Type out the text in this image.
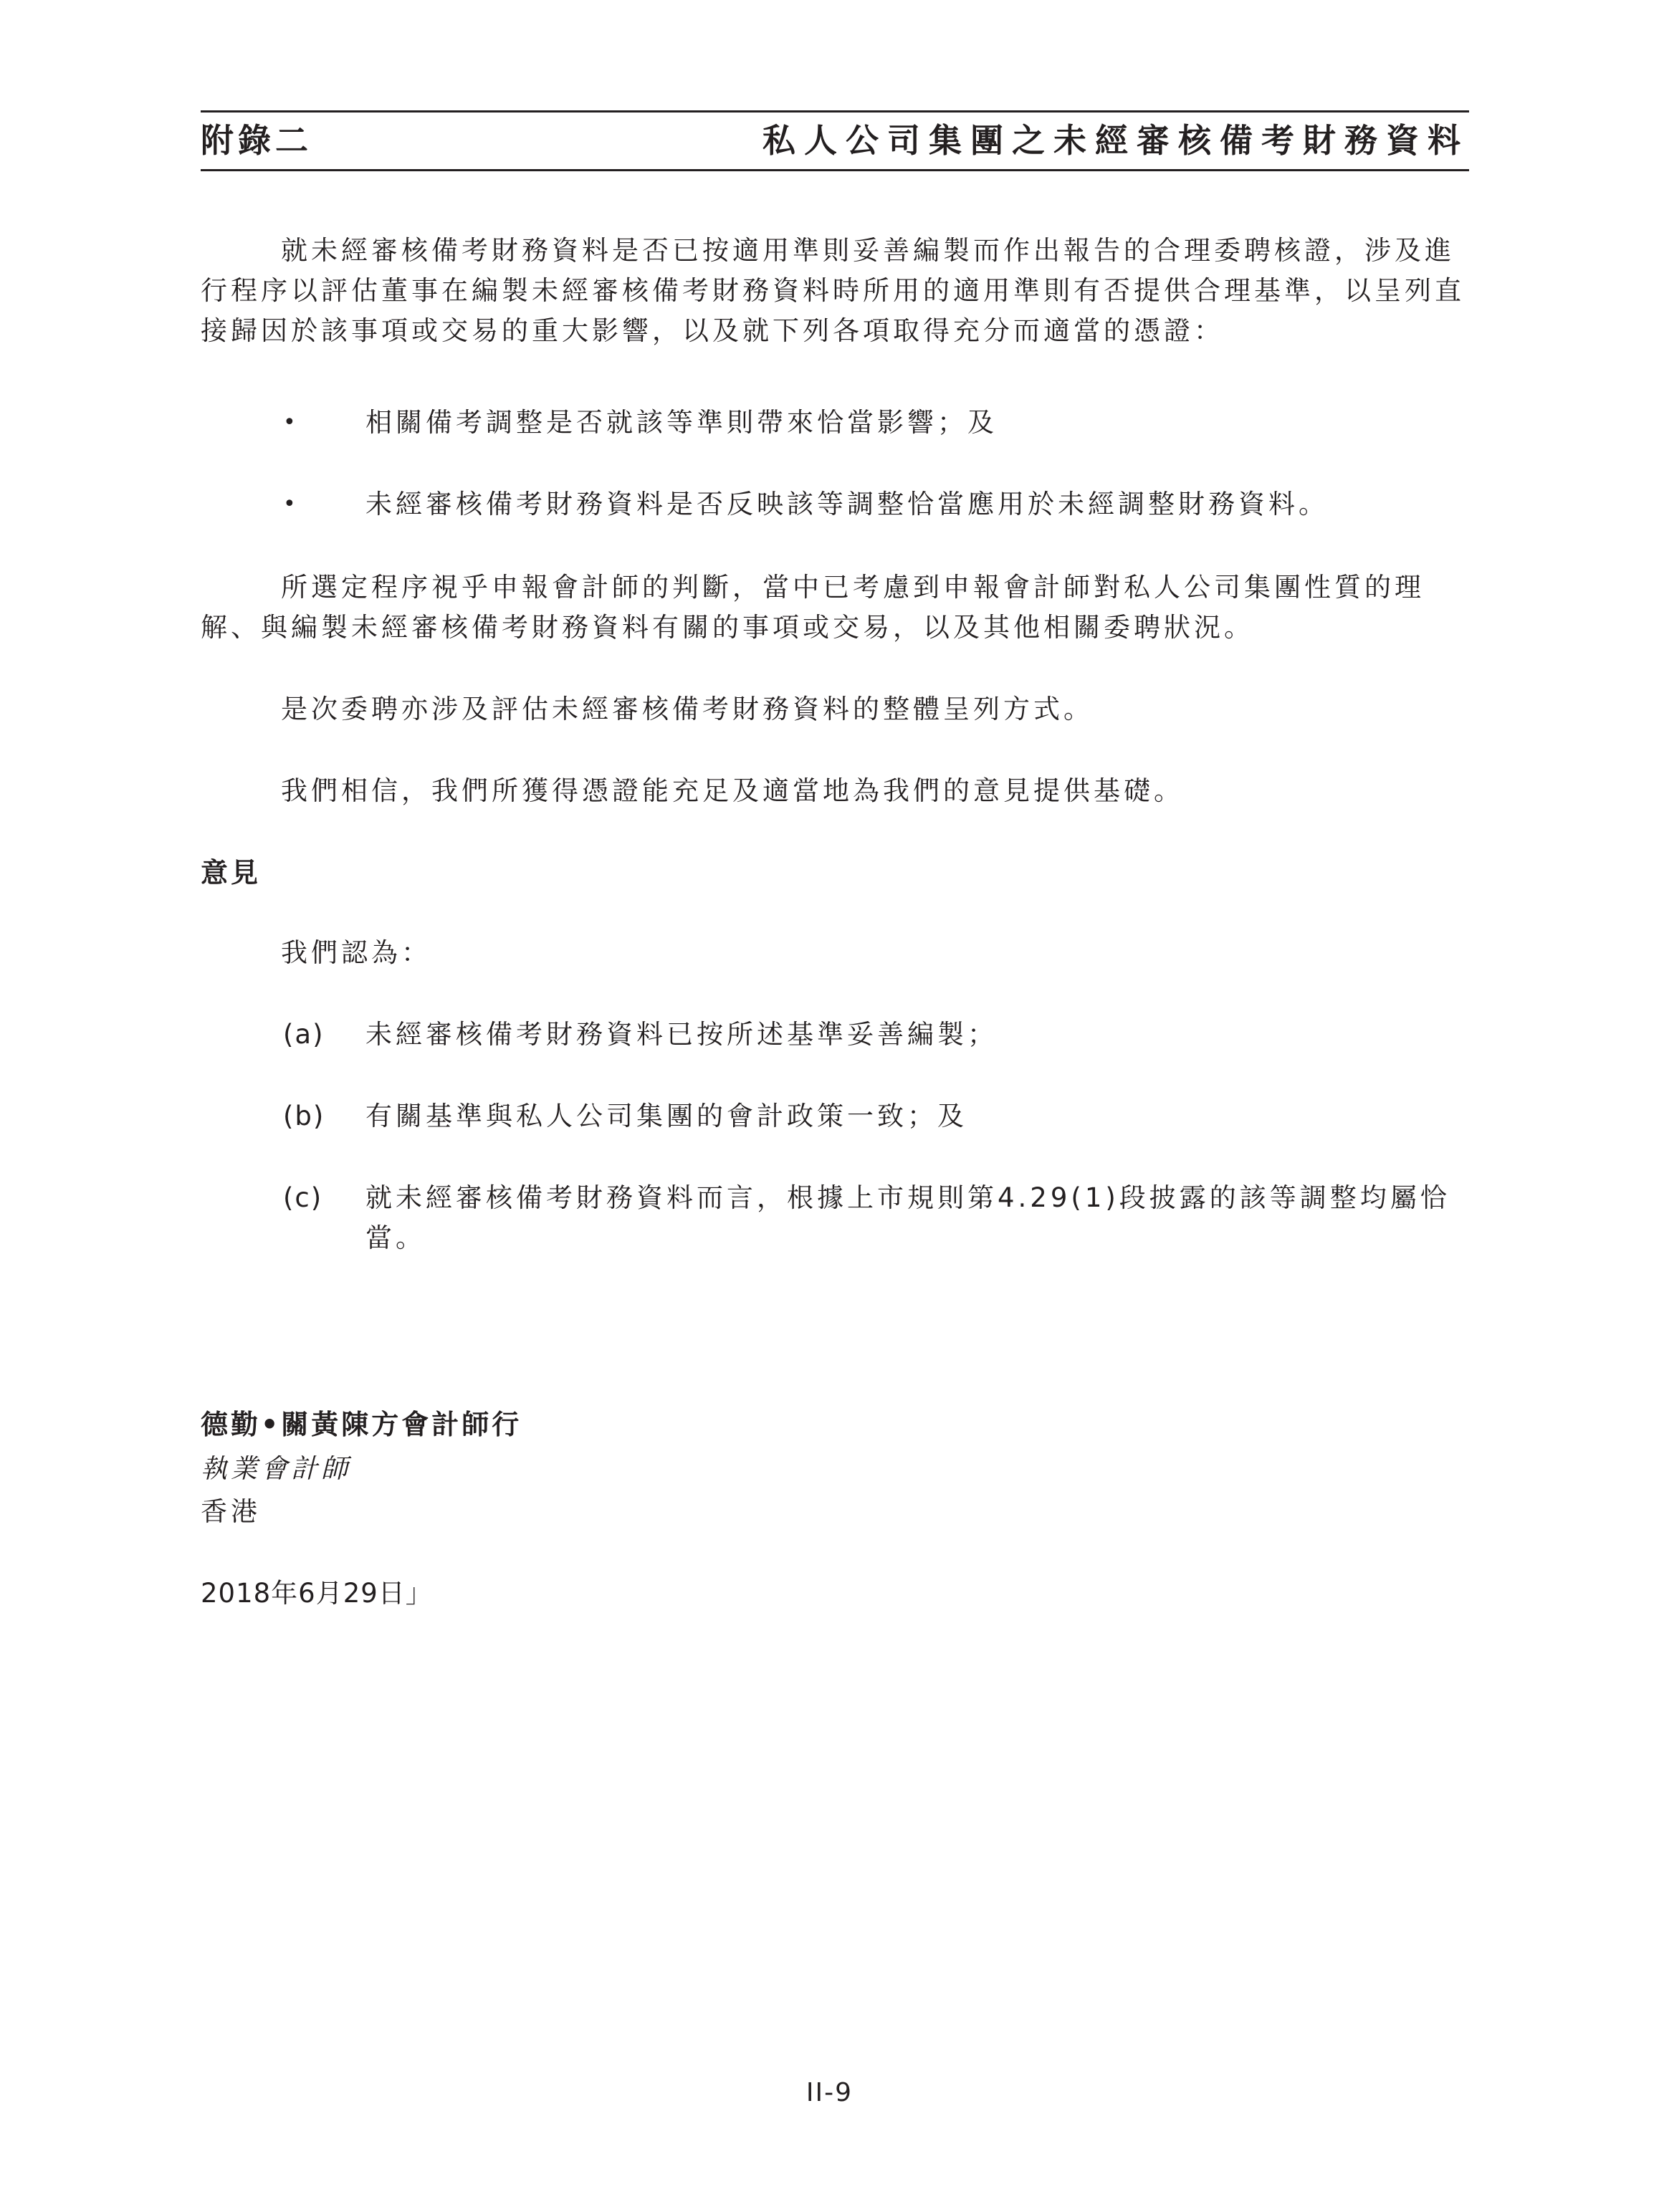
附錄二	私人公司集團之未經審核備考財務資料
就未經審核備考財務資料是否已按適用準則妥善編製而作出報告的合理委聘核證，涉及進行程序以評估董事在編製未經審核備考財務資料時所用的適用準則有否提供合理基準，以呈列直接歸因於該事項或交易的重大影響，以及就下列各項取得充分而適當的憑證：
•	相關備考調整是否就該等準則帶來恰當影響；及
•	未經審核備考財務資料是否反映該等調整恰當應用於未經調整財務資料。
所選定程序視乎申報會計師的判斷，當中已考慮到申報會計師對私人公司集團性質的理解、與編製未經審核備考財務資料有關的事項或交易，以及其他相關委聘狀況。
是次委聘亦涉及評估未經審核備考財務資料的整體呈列方式。
我們相信，我們所獲得憑證能充足及適當地為我們的意見提供基礎。
意見
我們認為：
(a)	未經審核備考財務資料已按所述基準妥善編製；
(b)	有關基準與私人公司集團的會計政策一致；及
(c)	就未經審核備考財務資料而言，根據上市規則第4.29(1)段披露的該等調整均屬恰當。
德勤•關黃陳方會計師行
執業會計師
香港
2018年6月29日」
II-9
